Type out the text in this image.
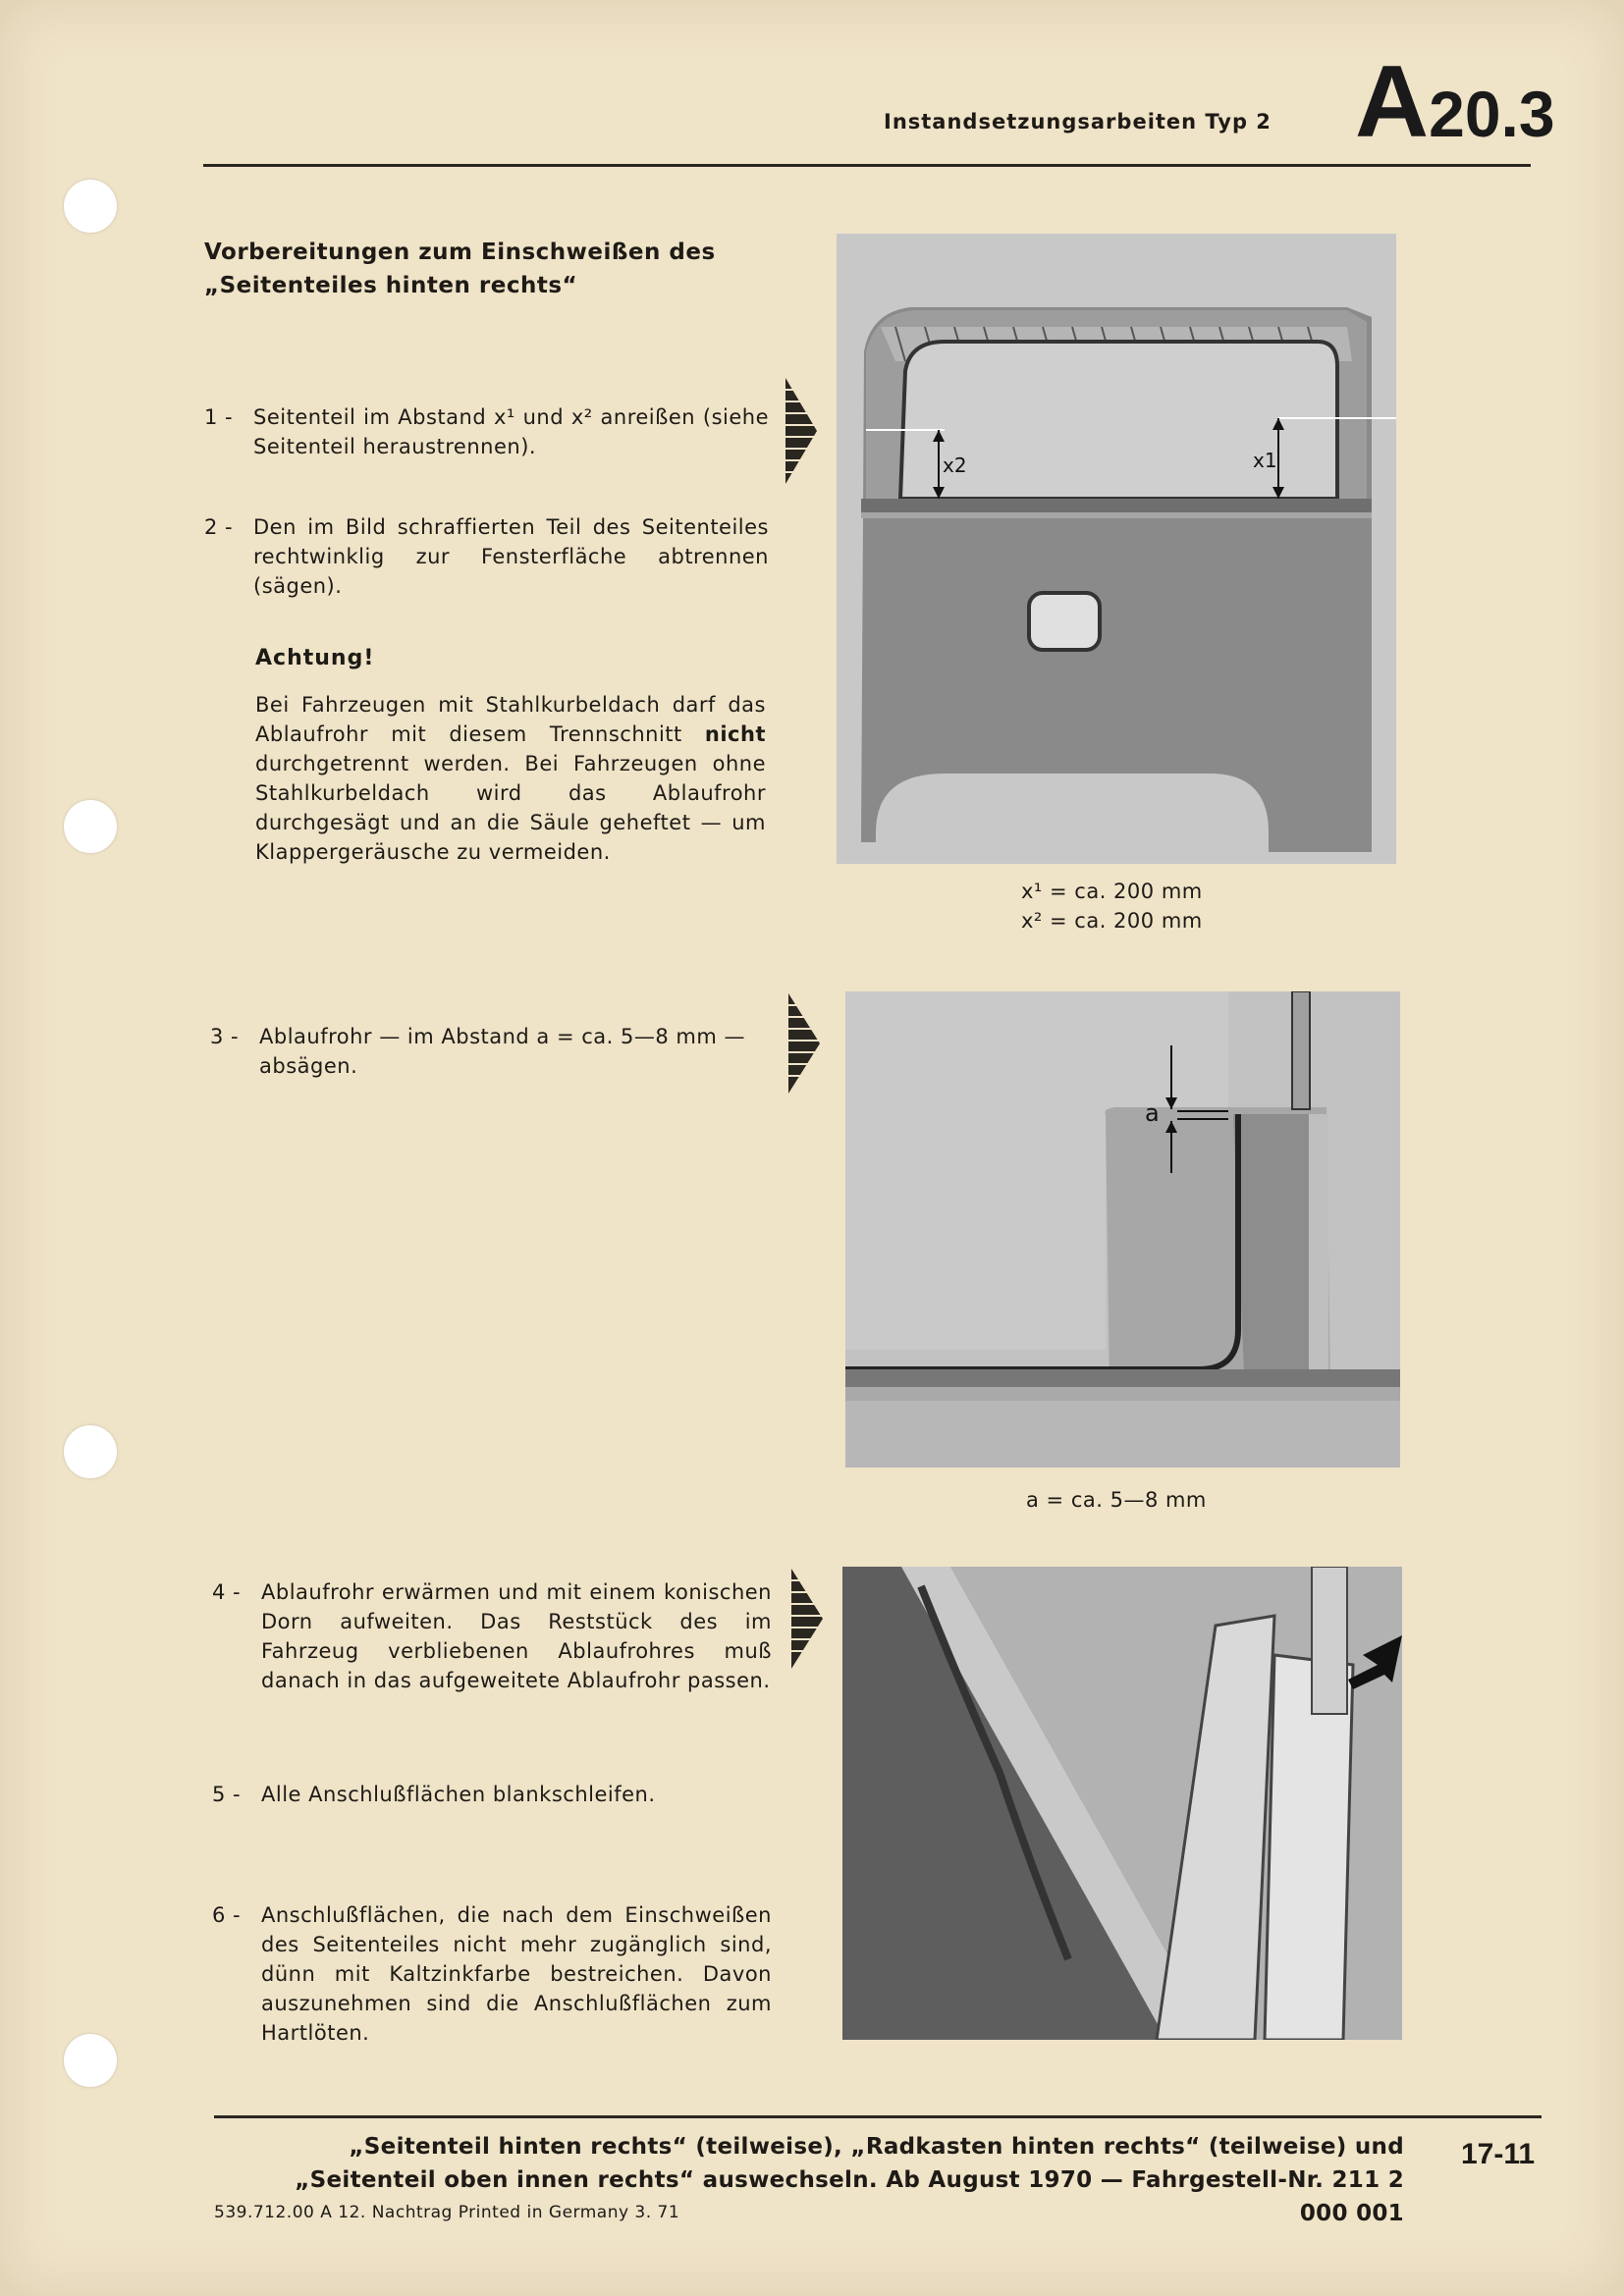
Instandsetzungsarbeiten Typ 2 A20.3
Vorbereitungen zum Einschweißen des „Seitenteiles hinten rechts“
1 - Seitenteil im Abstand x¹ und x² anreißen (siehe Seitenteil heraustrennen).
2 - Den im Bild schraffierten Teil des Seitenteiles rechtwinklig zur Fensterfläche abtrennen (sägen).
Achtung!
Bei Fahrzeugen mit Stahlkurbeldach darf das Ablaufrohr mit diesem Trennschnitt nicht durchgetrennt werden. Bei Fahrzeugen ohne Stahlkurbeldach wird das Ablaufrohr durchgesägt und an die Säule geheftet — um Klappergeräusche zu vermeiden.
x2	x1
x¹ = ca. 200 mm
x² = ca. 200 mm
3 - Ablaufrohr — im Abstand a = ca. 5—8 mm — absägen.
a
a = ca. 5—8 mm
4 - Ablaufrohr erwärmen und mit einem konischen Dorn aufweiten. Das Reststück des im Fahrzeug verbliebenen Ablaufrohres muß danach in das aufgeweitete Ablaufrohr passen.
5 - Alle Anschlußflächen blankschleifen.
6 - Anschlußflächen, die nach dem Einschweißen des Seitenteiles nicht mehr zugänglich sind, dünn mit Kaltzinkfarbe bestreichen. Davon auszunehmen sind die Anschlußflächen zum Hartlöten.
„Seitenteil hinten rechts“ (teilweise), „Radkasten hinten rechts“ (teilweise) und
„Seitenteil oben innen rechts“ auswechseln. Ab August 1970 — Fahrgestell-Nr. 211 2 000 001
17-11
539.712.00 A 12. Nachtrag Printed in Germany 3. 71
